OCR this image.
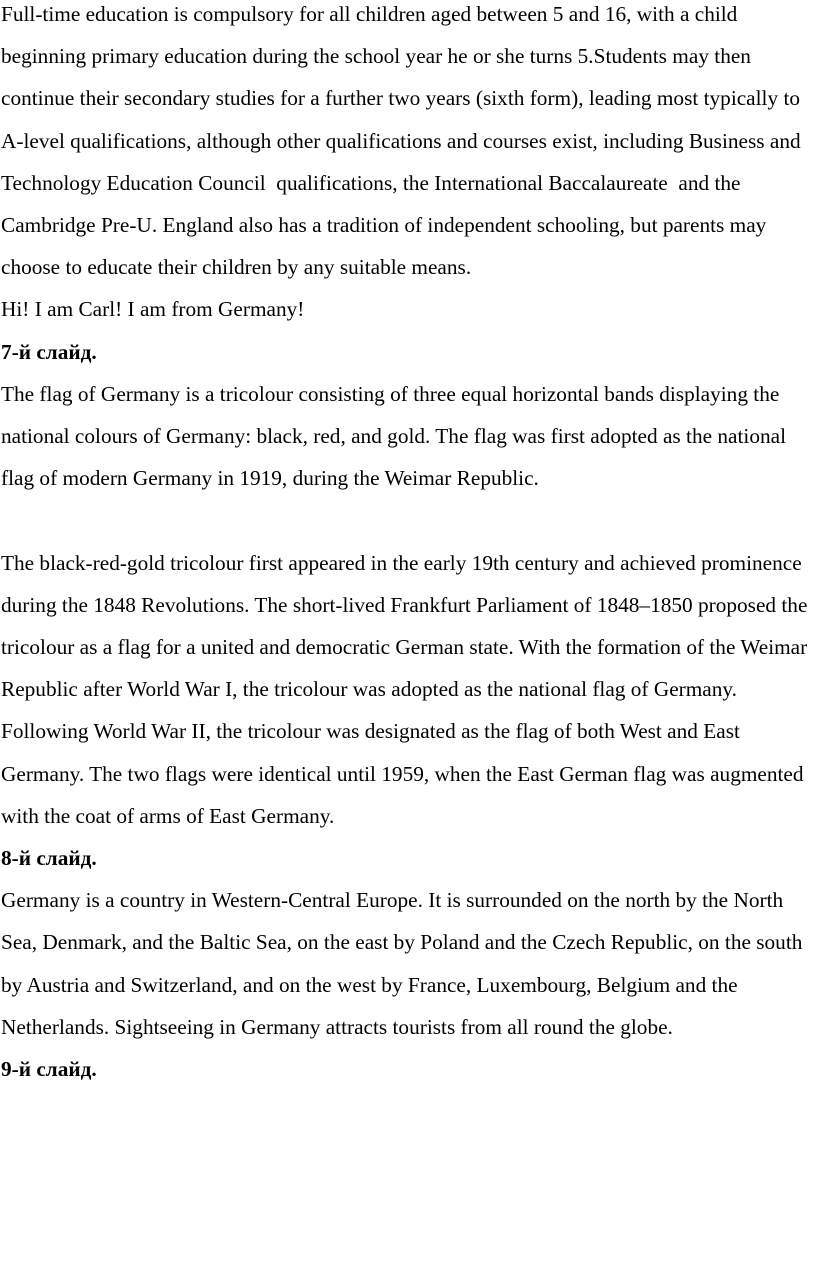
Full-time education is compulsory for all children aged between 5 and 16, with a child beginning primary education during the school year he or she turns 5.Students may then continue their secondary studies for a further two years (sixth form), leading most typically to A-level qualifications, although other qualifications and courses exist, including Business and Technology Education Council  qualifications, the International Baccalaureate  and the Cambridge Pre-U. England also has a tradition of independent schooling, but parents may choose to educate their children by any suitable means.

Hi! I am Carl! I am from Germany!

7-й слайд.

The flag of Germany is a tricolour consisting of three equal horizontal bands displaying the national colours of Germany: black, red, and gold. The flag was first adopted as the national flag of modern Germany in 1919, during the Weimar Republic.

The black-red-gold tricolour first appeared in the early 19th century and achieved prominence during the 1848 Revolutions. The short-lived Frankfurt Parliament of 1848–1850 proposed the tricolour as a flag for a united and democratic German state. With the formation of the Weimar Republic after World War I, the tricolour was adopted as the national flag of Germany. Following World War II, the tricolour was designated as the flag of both West and East Germany. The two flags were identical until 1959, when the East German flag was augmented with the coat of arms of East Germany.

8-й слайд.

Germany is a country in Western-Central Europe. It is surrounded on the north by the North Sea, Denmark, and the Baltic Sea, on the east by Poland and the Czech Republic, on the south by Austria and Switzerland, and on the west by France, Luxembourg, Belgium and the Netherlands. Sightseeing in Germany attracts tourists from all round the globe.

9-й слайд.
